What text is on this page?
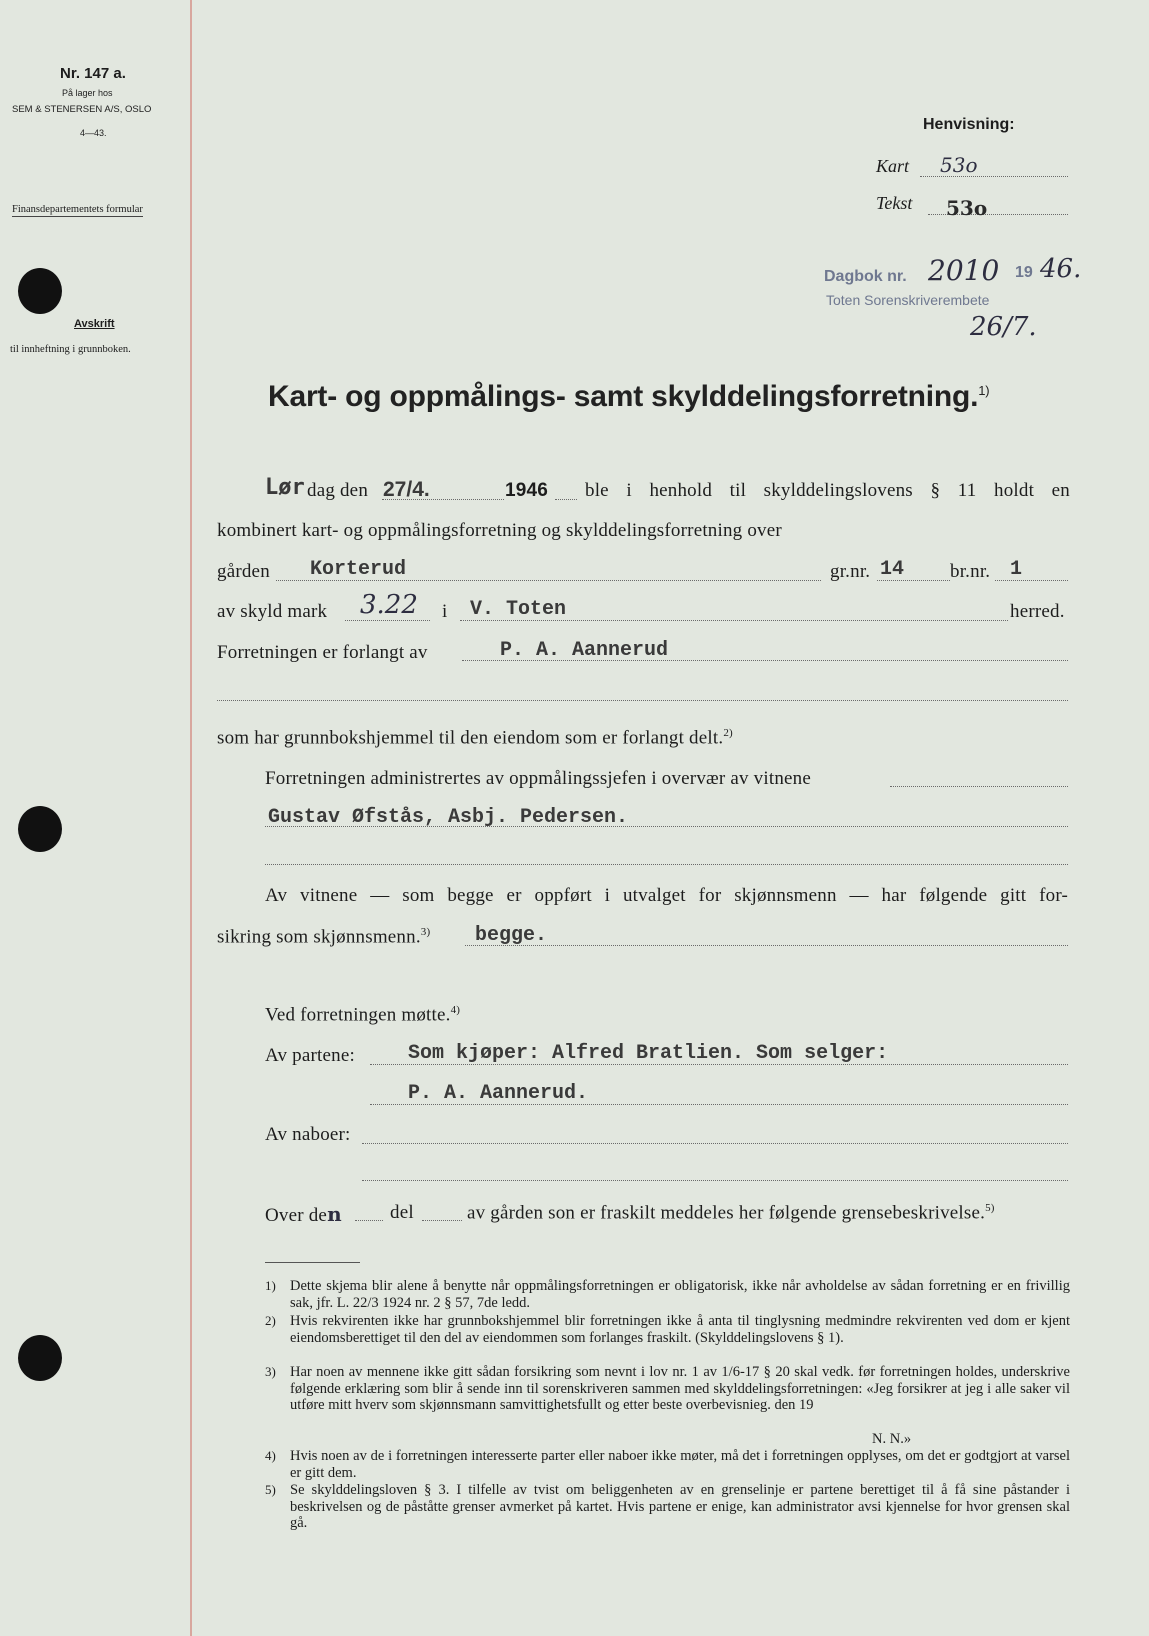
Nr. 147 a.
På lager hos
SEM & STENERSEN A/S, OSLO
4—43.
Finansdepartementets formular
Avskrift
til innheftning i grunnboken.
Henvisning:
Kart 53o
Tekst 53o
Dagbok nr. 2010 19 46.
Toten Sorenskriverembete
26/7.
Kart- og oppmålings- samt skylddelingsforretning.$^{1)}$
Lør dag den 27/4.	1946 ble i henhold til skylddelingslovens § 11 holdt en
kombinert kart- og oppmålingsforretning og skylddelingsforretning over
gården Korterud	gr.nr. 14 br.nr. 1
av skyld mark 3.22 i V. Toten	herred.
Forretningen er forlangt av	P. A. Aannerud
som har grunnbokshjemmel til den eiendom som er forlangt delt.$^{2)}$
Forretningen administrertes av oppmålingssjefen i overvær av vitnene
Gustav Øfstås, Asbj. Pedersen.
Av vitnene — som begge er oppført i utvalget for skjønnsmenn — har følgende gitt for-
sikring som skjønnsmenn.$^{3)}$ begge.
Ved forretningen møtte.$^{4)}$
Av partene:	Som kjøper: Alfred Bratlien. Som selger:
P. A. Aannerud.
Av naboer:
Over den	del	av gården son er fraskilt meddeles her følgende grensebeskrivelse.$^{5)}$
1) Dette skjema blir alene å benytte når oppmålingsforretningen er obligatorisk, ikke når avholdelse av sådan forretning er en frivillig sak, jfr. L. 22/3 1924 nr. 2 § 57, 7de ledd.
2) Hvis rekvirenten ikke har grunnbokshjemmel blir forretningen ikke å anta til tinglysning medmindre rekvirenten ved dom er kjent eiendomsberettiget til den del av eiendommen som forlanges fraskilt. (Skylddelingslovens § 1).
3) Har noen av mennene ikke gitt sådan forsikring som nevnt i lov nr. 1 av 1/6-17 § 20 skal vedk. før forretningen holdes, underskrive følgende erklæring som blir å sende inn til sorenskriveren sammen med skylddelingsforretningen: «Jeg forsikrer at jeg i alle saker vil utføre mitt hverv som skjønnsmann samvittighetsfullt og etter beste overbevisnieg. den 19
N. N.»
4) Hvis noen av de i forretningen interesserte parter eller naboer ikke møter, må det i forretningen opplyses, om det er godtgjort at varsel er gitt dem.
5) Se skylddelingsloven § 3. I tilfelle av tvist om beliggenheten av en grenselinje er partene berettiget til å få sine påstander i beskrivelsen og de påståtte grenser avmerket på kartet. Hvis partene er enige, kan administrator avsi kjennelse for hvor grensen skal gå.
